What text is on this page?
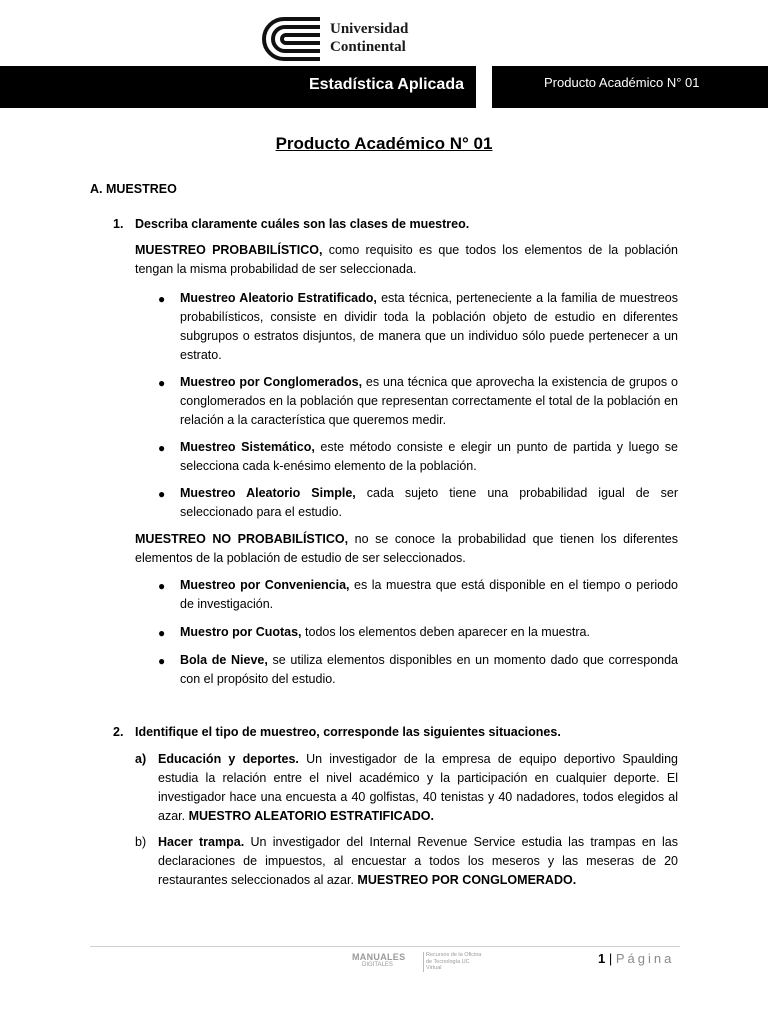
Universidad
Continental
Estadística Aplicada	Producto Académico N° 01
Producto Académico N° 01
A. MUESTREO
1. Describa claramente cuáles son las clases de muestreo.
MUESTREO PROBABILÍSTICO, como requisito es que todos los elementos de la población tengan la misma probabilidad de ser seleccionada.
● Muestreo Aleatorio Estratificado, esta técnica, perteneciente a la familia de muestreos probabilísticos, consiste en dividir toda la población objeto de estudio en diferentes subgrupos o estratos disjuntos, de manera que un individuo sólo puede pertenecer a un estrato.
● Muestreo por Conglomerados, es una técnica que aprovecha la existencia de grupos o conglomerados en la población que representan correctamente el total de la población en relación a la característica que queremos medir.
● Muestreo Sistemático, este método consiste e elegir un punto de partida y luego se selecciona cada k-enésimo elemento de la población.
● Muestreo Aleatorio Simple, cada sujeto tiene una probabilidad igual de ser seleccionado para el estudio.
MUESTREO NO PROBABILÍSTICO, no se conoce la probabilidad que tienen los diferentes elementos de la población de estudio de ser seleccionados.
● Muestreo por Conveniencia, es la muestra que está disponible en el tiempo o periodo de investigación.
● Muestro por Cuotas, todos los elementos deben aparecer en la muestra.
● Bola de Nieve, se utiliza elementos disponibles en un momento dado que corresponda con el propósito del estudio.
2. Identifique el tipo de muestreo, corresponde las siguientes situaciones.
a) Educación y deportes. Un investigador de la empresa de equipo deportivo Spaulding estudia la relación entre el nivel académico y la participación en cualquier deporte. El investigador hace una encuesta a 40 golfistas, 40 tenistas y 40 nadadores, todos elegidos al azar. MUESTRO ALEATORIO ESTRATIFICADO.
b) Hacer trampa. Un investigador del Internal Revenue Service estudia las trampas en las declaraciones de impuestos, al encuestar a todos los meseros y las meseras de 20 restaurantes seleccionados al azar. MUESTREO POR CONGLOMERADO.
MANUALES
DIGITALES
Recursos de la Oficina de Tecnología UC Virtual
1 | Página
